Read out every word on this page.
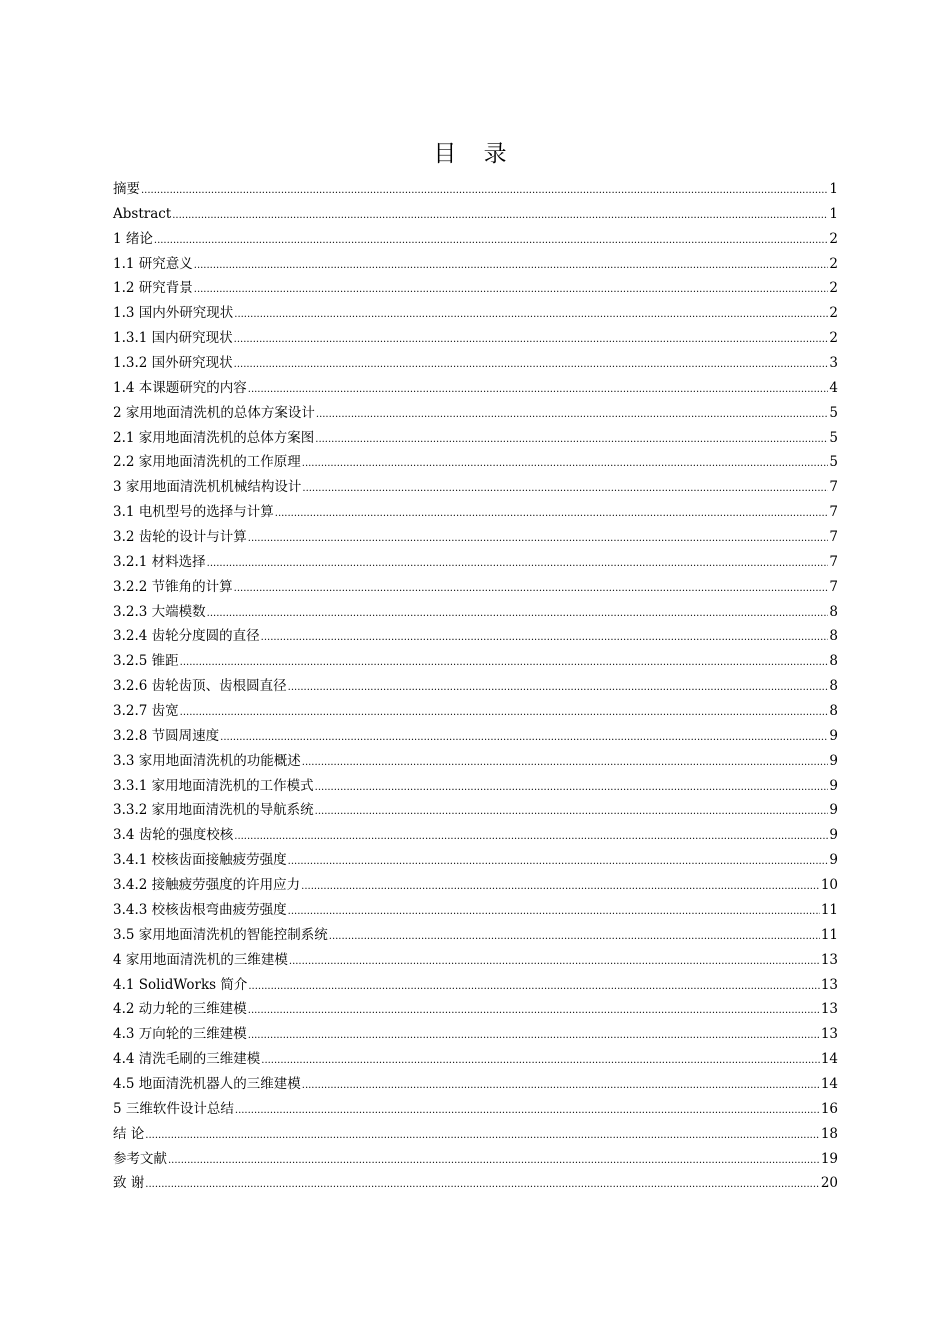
目 录
摘要 .....	1
Abstract .....	1
1 绪论 .....	2
1.1 研究意义 .....	2
1.2 研究背景 .....	2
1.3 国内外研究现状 .....	2
1.3.1 国内研究现状 .....	2
1.3.2 国外研究现状 .....	3
1.4 本课题研究的内容 .....	4
2 家用地面清洗机的总体方案设计 .....	5
2.1 家用地面清洗机的总体方案图 .....	5
2.2 家用地面清洗机的工作原理 .....	5
3 家用地面清洗机机械结构设计 .....	7
3.1 电机型号的选择与计算 .....	7
3.2 齿轮的设计与计算 .....	7
3.2.1 材料选择 .....	7
3.2.2 节锥角的计算 .....	7
3.2.3 大端模数 .....	8
3.2.4 齿轮分度圆的直径 .....	8
3.2.5 锥距 .....	8
3.2.6 齿轮齿顶、齿根圆直径 .....	8
3.2.7 齿宽 .....	8
3.2.8 节圆周速度 .....	9
3.3 家用地面清洗机的功能概述 .....	9
3.3.1 家用地面清洗机的工作模式 .....	9
3.3.2 家用地面清洗机的导航系统 .....	9
3.4 齿轮的强度校核 .....	9
3.4.1 校核齿面接触疲劳强度 .....	9
3.4.2 接触疲劳强度的许用应力 .....	10
3.4.3 校核齿根弯曲疲劳强度 .....	11
3.5 家用地面清洗机的智能控制系统 .....	11
4 家用地面清洗机的三维建模 .....	13
4.1 SolidWorks 简介 .....	13
4.2 动力轮的三维建模 .....	13
4.3 万向轮的三维建模 .....	13
4.4 清洗毛刷的三维建模 .....	14
4.5 地面清洗机器人的三维建模 .....	14
5 三维软件设计总结 .....	16
结 论 .....	18
参考文献 .....	19
致 谢 .....	20
